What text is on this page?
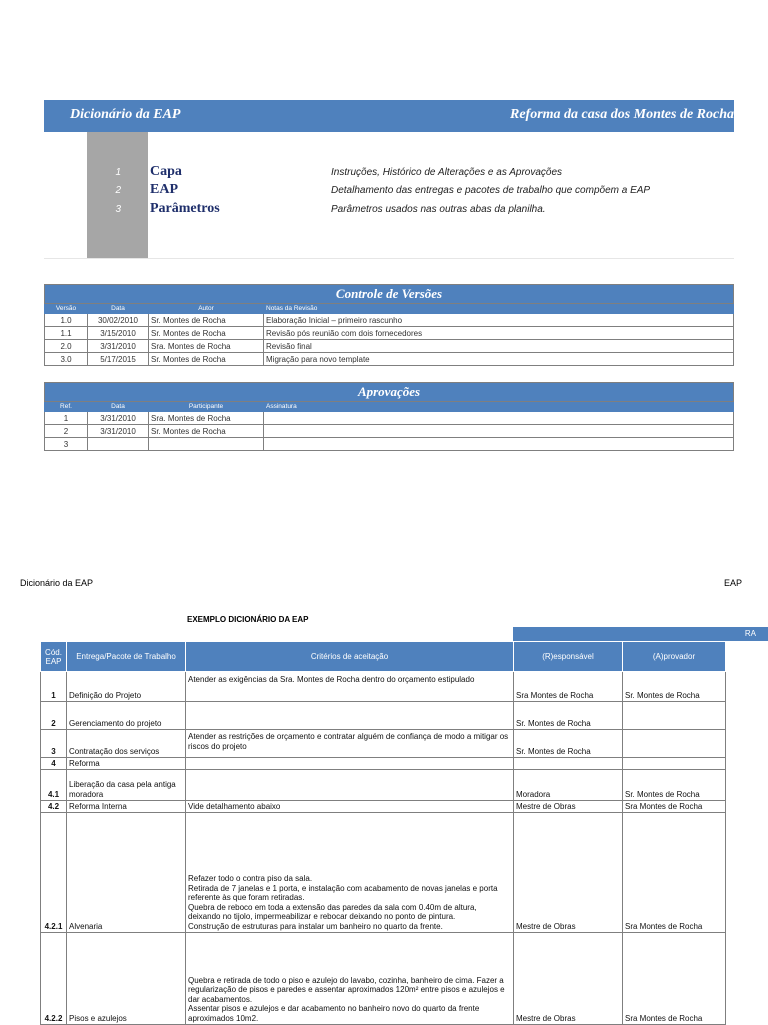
Dicionário da EAP	Reforma da casa dos Montes de Rocha
1 Capa	Instruções, Histórico de Alterações e as Aprovações
2 EAP	Detalhamento das entregas e pacotes de trabalho que compõem a EAP
3 Parâmetros	Parâmetros usados nas outras abas da planilha.
Controle de Versões			
Versão	Data	Autor	Notas da Revisão
1.0	30/02/2010	Sr. Montes de Rocha	Elaboração Inicial – primeiro rascunho
1.1	3/15/2010	Sr. Montes de Rocha	Revisão pós reunião com dois fornecedores
2.0	3/31/2010	Sra. Montes de Rocha	Revisão final
3.0	5/17/2015	Sr. Montes de Rocha	Migração para novo template
Aprovações			
Ref.	Data	Participante	Assinatura
1	3/31/2010	Sra. Montes de Rocha	
2	3/31/2010	Sr. Montes de Rocha	
3			
Dicionário da EAP	EAP
EXEMPLO DICIONÁRIO DA EAP
RA
Cód. EAP	Entrega/Pacote de Trabalho	Critérios de aceitação	(R)esponsável	(A)provador
1	Definição do Projeto	Atender as exigências da Sra. Montes de Rocha dentro do orçamento estipulado	Sra Montes de Rocha	Sr. Montes de Rocha
2	Gerenciamento do projeto		Sr. Montes de Rocha	
3	Contratação dos serviços	Atender as restrições de orçamento e contratar alguém de confiança de modo a mitigar os riscos do projeto	Sr. Montes de Rocha	
4	Reforma			
4.1	Liberação da casa pela antiga moradora		Moradora	Sr. Montes de Rocha
4.2	Reforma Interna	Vide detalhamento abaixo	Mestre de Obras	Sra Montes de Rocha
4.2.1	Alvenaria	Refazer todo o contra piso da sala.
Retirada de 7 janelas e 1 porta, e instalação com acabamento de novas janelas e porta referente às que foram retiradas.
Quebra de reboco em toda a extensão das paredes da sala com 0.40m de altura, deixando no tijolo, impermeabilizar e rebocar deixando no ponto de pintura.
Construção de estruturas para instalar um banheiro no quarto da frente.	Mestre de Obras	Sra Montes de Rocha
4.2.2	Pisos e azulejos	Quebra e retirada de todo o piso e azulejo do lavabo, cozinha, banheiro de cima. Fazer a regularização de pisos e paredes e assentar aproximados 120m² entre pisos e azulejos e dar acabamentos.
Assentar pisos e azulejos e dar acabamento no banheiro novo do quarto da frente aproximados 10m2.	Mestre de Obras	Sra Montes de Rocha
